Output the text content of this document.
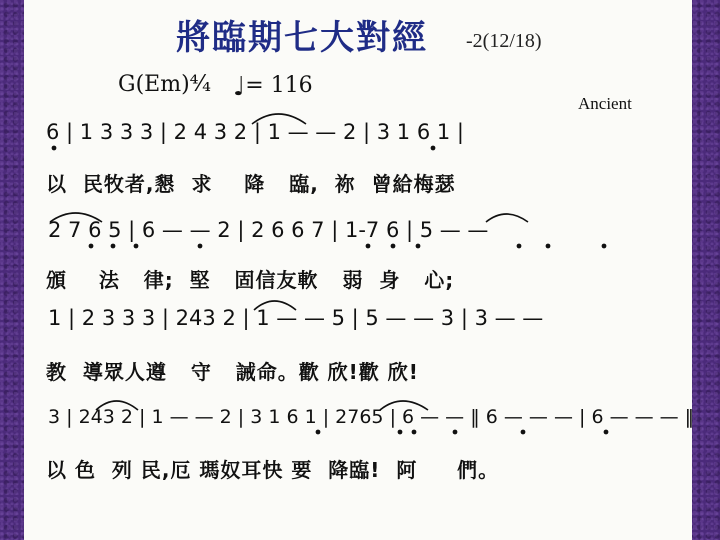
將臨期七大對經 -2(12/18)
G(Em)⁴⁄₄ ♩= 116
Ancient
6 | 1 3 3 3 | 2 4 3 2 | 1 — — 2 | 3 1 6 1 |
以  民牧者,懇  求    降   臨,  祢  曾給梅瑟
2 7 6 5 | 6 — — 2 | 2 6 6 7 | 1-7 6 | 5 — —
頒    法   律;  堅   固信友軟   弱  身   心;
1 | 2 3 3 3 | 243 2 | 1 — — 5 | 5 — — 3 | 3 — —
教  導眾人遵   守   誡命。歡 欣!歡 欣!
3 | 243 2 | 1 — — 2 | 3 1 6 1 | 2765 | 6 — — ‖ 6 — — — | 6 — — — ‖
以 色  列 民,厄 瑪奴耳快 要  降臨!  阿     們。
